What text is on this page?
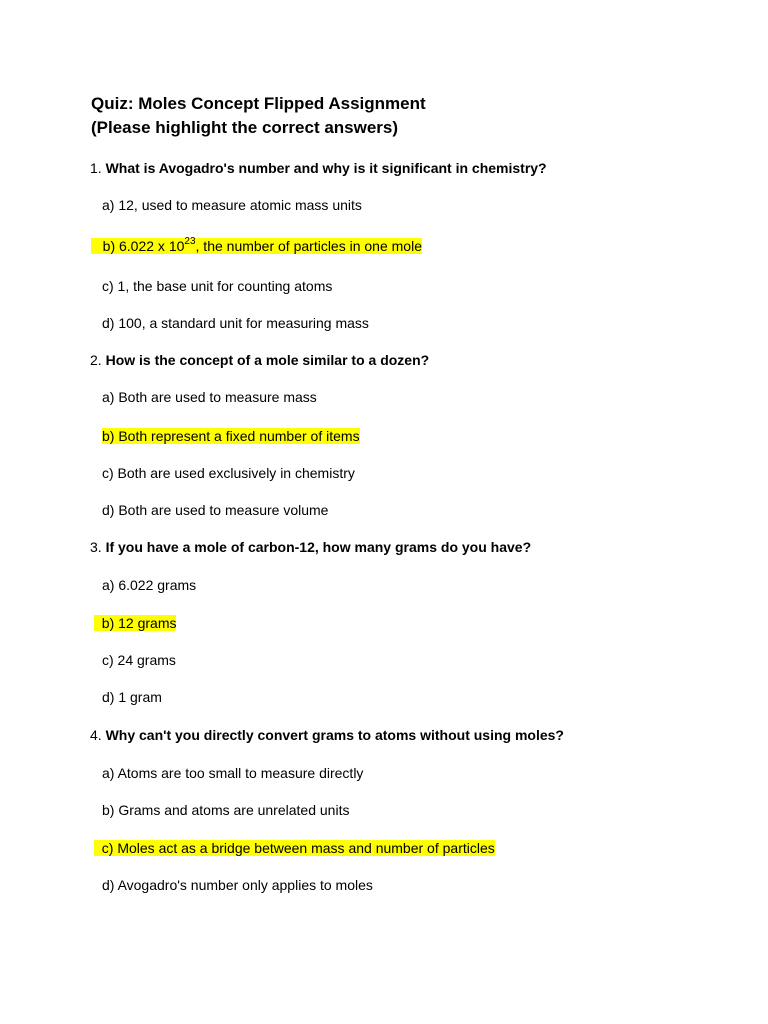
Quiz: Moles Concept Flipped Assignment
(Please highlight the correct answers)
1. What is Avogadro's number and why is it significant in chemistry?
a) 12, used to measure atomic mass units
b) 6.022 x $10^{23}$, the number of particles in one mole
c) 1, the base unit for counting atoms
d) 100, a standard unit for measuring mass
2. How is the concept of a mole similar to a dozen?
a) Both are used to measure mass
b) Both represent a fixed number of items
c) Both are used exclusively in chemistry
d) Both are used to measure volume
3. If you have a mole of carbon-12, how many grams do you have?
a) 6.022 grams
b) 12 grams
c) 24 grams
d) 1 gram
4. Why can't you directly convert grams to atoms without using moles?
a) Atoms are too small to measure directly
b) Grams and atoms are unrelated units
c) Moles act as a bridge between mass and number of particles
d) Avogadro's number only applies to moles
